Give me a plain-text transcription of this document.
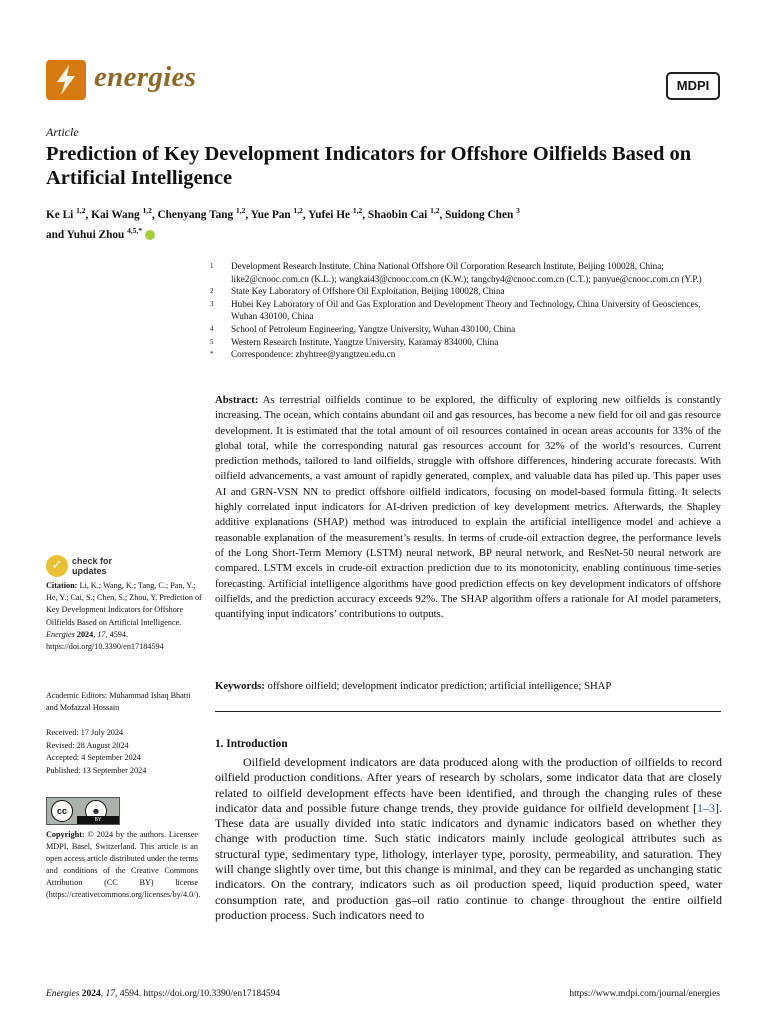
energies	MDPI
Article
Prediction of Key Development Indicators for Offshore Oilfields Based on Artificial Intelligence
Ke Li $^{1,2}$, Kai Wang $^{1,2}$, Chenyang Tang $^{1,2}$, Yue Pan $^{1,2}$, Yufei He $^{1,2}$, Shaobin Cai $^{1,2}$, Suidong Chen $^3$
and Yuhui Zhou $^{4,5,*}$
1	Development Research Institute, China National Offshore Oil Corporation Research Institute, Beijing 100028, China; like2@cnooc.com.cn (K.L.); wangkai43@cnooc.com.cn (K.W.); tangchy4@cnooc.com.cn (C.T.); panyue@cnooc.com.cn (Y.P.)
2	State Key Laboratory of Offshore Oil Exploitation, Beijing 100028, China
3	Hubei Key Laboratory of Oil and Gas Exploration and Development Theory and Technology, China University of Geosciences, Wuhan 430100, China
4	School of Petroleum Engineering, Yangtze University, Wuhan 430100, China
5	Western Research Institute, Yangtze University, Karamay 834000, China
*	Correspondence: zhyhtree@yangtzeu.edu.cn

Abstract: As terrestrial oilfields continue to be explored, the difficulty of exploring new oilfields is constantly increasing. The ocean, which contains abundant oil and gas resources, has become a new field for oil and gas resource development. It is estimated that the total amount of oil resources contained in ocean areas accounts for 33% of the global total, while the corresponding natural gas resources account for 32% of the world’s resources. Current prediction methods, tailored to land oilfields, struggle with offshore differences, hindering accurate forecasts. With oilfield advancements, a vast amount of rapidly generated, complex, and valuable data has piled up. This paper uses AI and GRN-VSN NN to predict offshore oilfield indicators, focusing on model-based formula fitting. It selects highly correlated input indicators for AI-driven prediction of key development metrics. Afterwards, the Shapley additive explanations (SHAP) method was introduced to explain the artificial intelligence model and achieve a reasonable explanation of the measurement’s results. In terms of crude-oil extraction degree, the performance levels of the Long Short-Term Memory (LSTM) neural network, BP neural network, and ResNet-50 neural network are compared. LSTM excels in crude-oil extraction prediction due to its monotonicity, enabling continuous time-series forecasting. Artificial intelligence algorithms have good prediction effects on key development indicators of offshore oilfields, and the prediction accuracy exceeds 92%. The SHAP algorithm offers a rationale for AI model parameters, quantifying input indicators’ contributions to outputs.

Keywords: offshore oilfield; development indicator prediction; artificial intelligence; SHAP

✓	check for
updates

Citation: Li, K.; Wang, K.; Tang, C.; Pan, Y.; He, Y.; Cai, S.; Chen, S.; Zhou, Y. Prediction of Key Development Indicators for Offshore Oilfields Based on Artificial Intelligence. Energies 2024, 17, 4594. https://doi.org/10.3390/en17184594

Academic Editors: Muhammad Ishaq Bhatti and Mofazzal Hossain

Received: 17 July 2024
Revised: 28 August 2024
Accepted: 4 September 2024
Published: 13 September 2024
cc	☻
BY

Copyright: © 2024 by the authors. Licensee MDPI, Basel, Switzerland. This article is an open access article distributed under the terms and conditions of the Creative Commons Attribution (CC BY) license (https://creativecommons.org/licenses/by/4.0/).

1. Introduction

Oilfield development indicators are data produced along with the production of oilfields to record oilfield production conditions. After years of research by scholars, some indicator data that are closely related to oilfield development effects have been identified, and through the changing rules of these indicator data and possible future change trends, they provide guidance for oilfield development [1–3]. These data are usually divided into static indicators and dynamic indicators based on whether they change with production time. Such static indicators mainly include geological attributes such as structural type, sedimentary type, lithology, interlayer type, porosity, permeability, and saturation. They will change slightly over time, but this change is minimal, and they can be regarded as unchanging static indicators. On the contrary, indicators such as oil production speed, liquid production speed, water consumption rate, and production gas–oil ratio continue to change throughout the entire oilfield production process. Such indicators need to

Energies 2024, 17, 4594. https://doi.org/10.3390/en17184594	https://www.mdpi.com/journal/energies
